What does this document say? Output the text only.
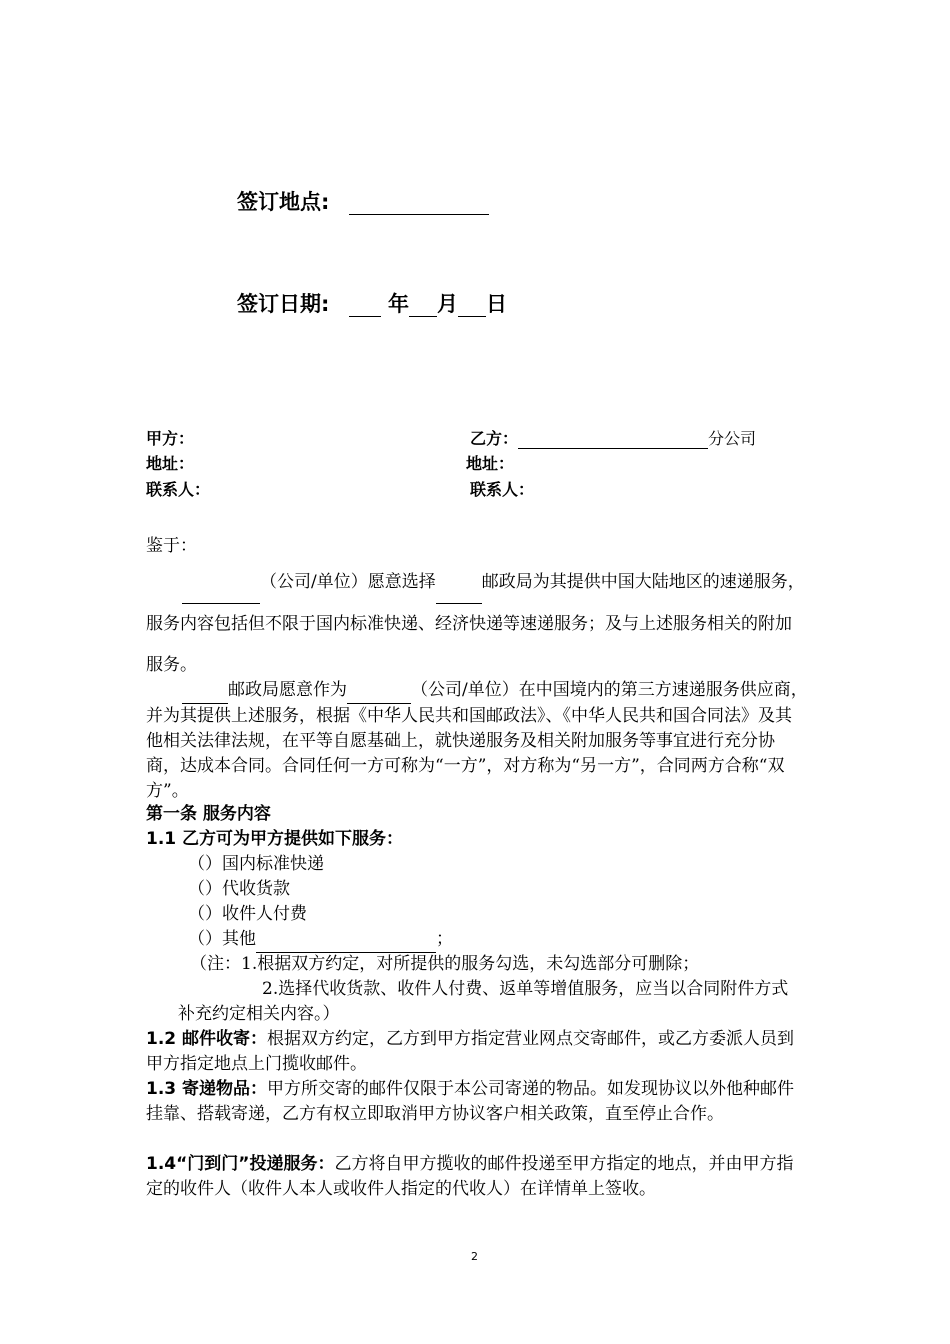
签订地点:
签订日期:	年 月 日
甲方：	乙方：	分公司
地址：	地址：
联系人：	联系人：
鉴于：
（公司/单位）愿意选择	邮政局为其提供中国大陆地区的速递服务，服务内容包括但不限于国内标准快递、经济快递等速递服务；及与上述服务相关的附加服务。
邮政局愿意作为	（公司/单位）在中国境内的第三方速递服务供应商，并为其提供上述服务，根据《中华人民共和国邮政法》、《中华人民共和国合同法》及其他相关法律法规，在平等自愿基础上，就快递服务及相关附加服务等事宜进行充分协商，达成本合同。合同任何一方可称为“一方”，对方称为“另一方”，合同两方合称“双方”。
第一条 服务内容
1.1 乙方可为甲方提供如下服务：
（）国内标准快递
（）代收货款
（）收件人付费
（）其他	；
（注：1.根据双方约定，对所提供的服务勾选，未勾选部分可删除；
2.选择代收货款、收件人付费、返单等增值服务，应当以合同附件方式
补充约定相关内容。）
1.2 邮件收寄：根据双方约定，乙方到甲方指定营业网点交寄邮件，或乙方委派人员到甲方指定地点上门揽收邮件。
1.3 寄递物品：甲方所交寄的邮件仅限于本公司寄递的物品。如发现协议以外他种邮件挂靠、搭载寄递，乙方有权立即取消甲方协议客户相关政策，直至停止合作。
1.4“门到门”投递服务：乙方将自甲方揽收的邮件投递至甲方指定的地点，并由甲方指定的收件人（收件人本人或收件人指定的代收人）在详情单上签收。
2
